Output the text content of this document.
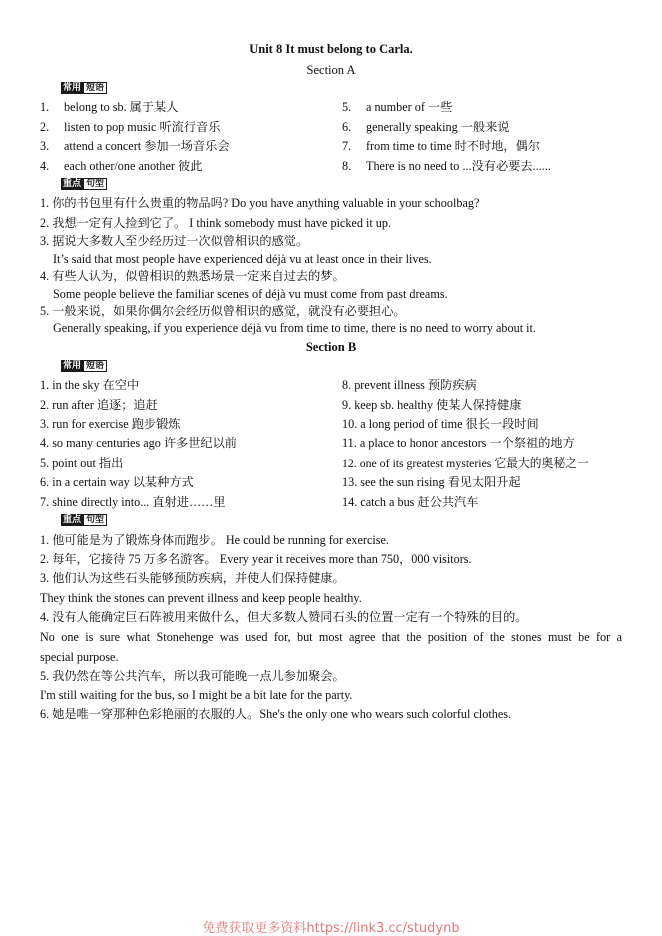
Unit 8 It must belong to Carla.
Section A
常用 短语
1. belong to sb. 属于某人
2. listen to pop music 听流行音乐
3. attend a concert 参加一场音乐会
4. each other/one another 彼此
5. a number of 一些
6. generally speaking 一般来说
7. from time to time 时不时地，偶尔
8. There is no need to ...没有必要去......
重点 句型
1. 你的书包里有什么贵重的物品吗? Do you have anything valuable in your schoolbag?
2. 我想一定有人捡到它了。 I think somebody must have picked it up.
3. 据说大多数人至少经历过一次似曾相识的感觉。
It’s said that most people have experienced déjà vu at least once in their lives.
4. 有些人认为，似曾相识的熟悉场景一定来自过去的梦。
Some people believe the familiar scenes of déjà vu must come from past dreams.
5. 一般来说，如果你偶尔会经历似曾相识的感觉，就没有必要担心。
Generally speaking, if you experience déjà vu from time to time, there is no need to worry about it.
Section B
常用 短语
1. in the sky 在空中
2. run after 追逐；追赶
3. run for exercise 跑步锻炼
4. so many centuries ago 许多世纪以前
5. point out 指出
6. in a certain way 以某种方式
7. shine directly into... 直射进……里
8. prevent illness 预防疾病
9. keep sb. healthy 使某人保持健康
10. a long period of time 很长一段时间
11. a place to honor ancestors 一个祭祖的地方
12. one of its greatest mysteries 它最大的奥秘之一
13. see the sun rising 看见太阳升起
14. catch a bus 赶公共汽车
重点 句型
1. 他可能是为了锻炼身体而跑步。 He could be running for exercise.
2. 每年，它接待 75 万多名游客。 Every year it receives more than 750，000 visitors.
3. 他们认为这些石头能够预防疾病，并使人们保持健康。
They think the stones can prevent illness and keep people healthy.
4. 没有人能确定巨石阵被用来做什么，但大多数人赞同石头的位置一定有一个特殊的目的。
No one is sure what Stonehenge was used for, but most agree that the position of the stones must be for a
special purpose.
5. 我仍然在等公共汽车，所以我可能晚一点儿参加聚会。
I'm still waiting for the bus, so I might be a bit late for the party.
6. 她是唯一穿那种色彩艳丽的衣服的人。She's the only one who wears such colorful clothes.
免费获取更多资料https://link3.cc/studynb
